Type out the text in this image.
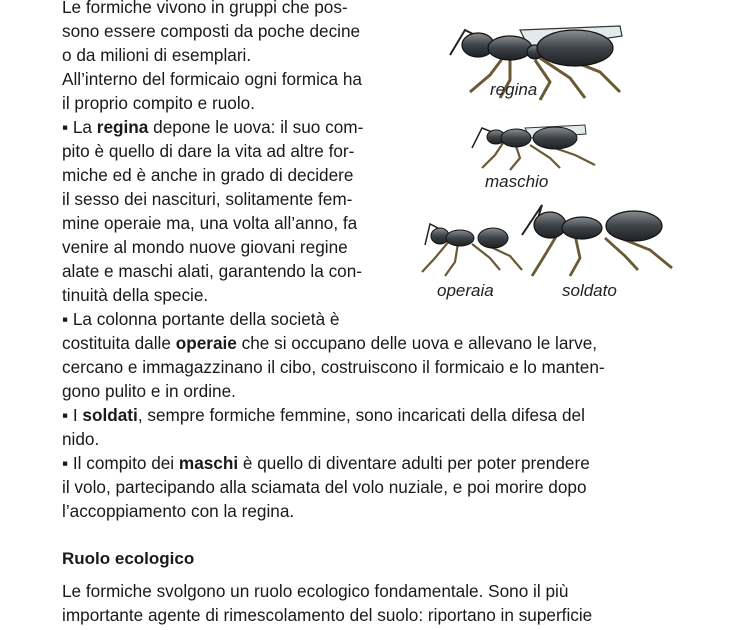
Le formiche vivono in gruppi che pos-

sono essere composti da poche decine

o da milioni di esemplari.

All’interno del formicaio ogni formica ha

il proprio compito e ruolo.

▪ La regina depone le uova: il suo com-

pito è quello di dare la vita ad altre for-

miche ed è anche in grado di decidere

il sesso dei nascituri, solitamente fem-

mine operaie ma, una volta all’anno, fa

venire al mondo nuove giovani regine

alate e maschi alati, garantendo la con-

tinuità della specie.

▪ La colonna portante della società è

costituita dalle operaie che si occupano delle uova e allevano le larve,

cercano e immagazzinano il cibo, costruiscono il formicaio e lo manten-

gono pulito e in ordine.

▪ I soldati, sempre formiche femmine, sono incaricati della difesa del

nido.

▪ Il compito dei maschi è quello di diventare adulti per poter prendere

il volo, partecipando alla sciamata del volo nuziale, e poi morire dopo

l’accoppiamento con la regina.

Ruolo ecologico

Le formiche svolgono un ruolo ecologico fondamentale. Sono il più

importante agente di rimescolamento del suolo: riportano in superficie

regina
maschio
operaia	soldato
